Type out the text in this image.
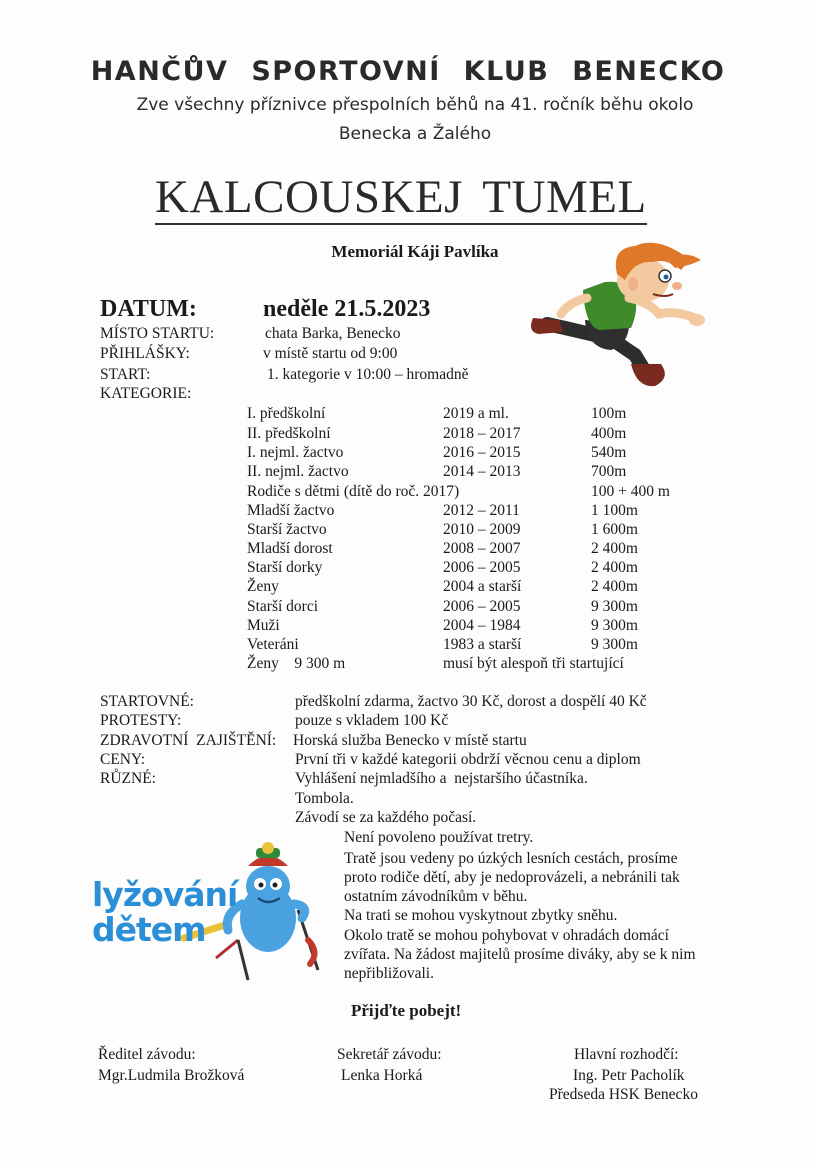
HANČŮV SPORTOVNÍ KLUB BENECKO
Zve všechny příznivce přespolních běhů na 41. ročník běhu okolo
Benecka a Žalého
KALCOUSKEJ TUMEL
Memoriál Káji Pavlíka
DATUM:	neděle 21.5.2023
MÍSTO STARTU:	chata Barka, Benecko
PŘIHLÁŠKY:	v místě startu od 9:00
START:	1. kategorie v 10:00 – hromadně
KATEGORIE:
I. předškolní	2019 a ml.	100m
II. předškolní	2018 – 2017	400m
I. nejml. žactvo	2016 – 2015	540m
II. nejml. žactvo	2014 – 2013	700m
Rodiče s dětmi (dítě do roč. 2017)	100 + 400 m
Mladší žactvo	2012 – 2011	1 100m
Starší žactvo	2010 – 2009	1 600m
Mladší dorost	2008 – 2007	2 400m
Starší dorky	2006 – 2005	2 400m
Ženy	2004 a starší	2 400m
Starší dorci	2006 – 2005	9 300m
Muži	2004 – 1984	9 300m
Veteráni	1983 a starší	9 300m
Ženy    9 300 m	musí být alespoň tři startující
STARTOVNÉ:	předškolní zdarma, žactvo 30 Kč, dorost a dospělí 40 Kč
PROTESTY:	pouze s vkladem 100 Kč
ZDRAVOTNÍ  ZAJIŠTĚNÍ: Horská služba Benecko v místě startu
CENY:	První tři v každé kategorii obdrží věcnou cenu a diplom
RŮZNÉ:	Vyhlášení nejmladšího a  nejstaršího účastníka.
Tombola.
Závodí se za každého počasí.
Není povoleno používat tretry.
Tratě jsou vedeny po úzkých lesních cestách, prosíme
proto rodiče dětí, aby je nedoprovázeli, a nebránili tak
ostatním závodníkům v běhu.
Na trati se mohou vyskytnout zbytky sněhu.
Okolo tratě se mohou pohybovat v ohradách domácí
zvířata. Na žádost majitelů prosíme diváky, aby se k nim
nepřibližovali.
lyžování
dětem
Přijďte pobejt!
Ředitel závodu:
Mgr.Ludmila Brožková
Sekretář závodu:
Lenka Horká
Hlavní rozhodčí:
Ing. Petr Pacholík
Předseda HSK Benecko
